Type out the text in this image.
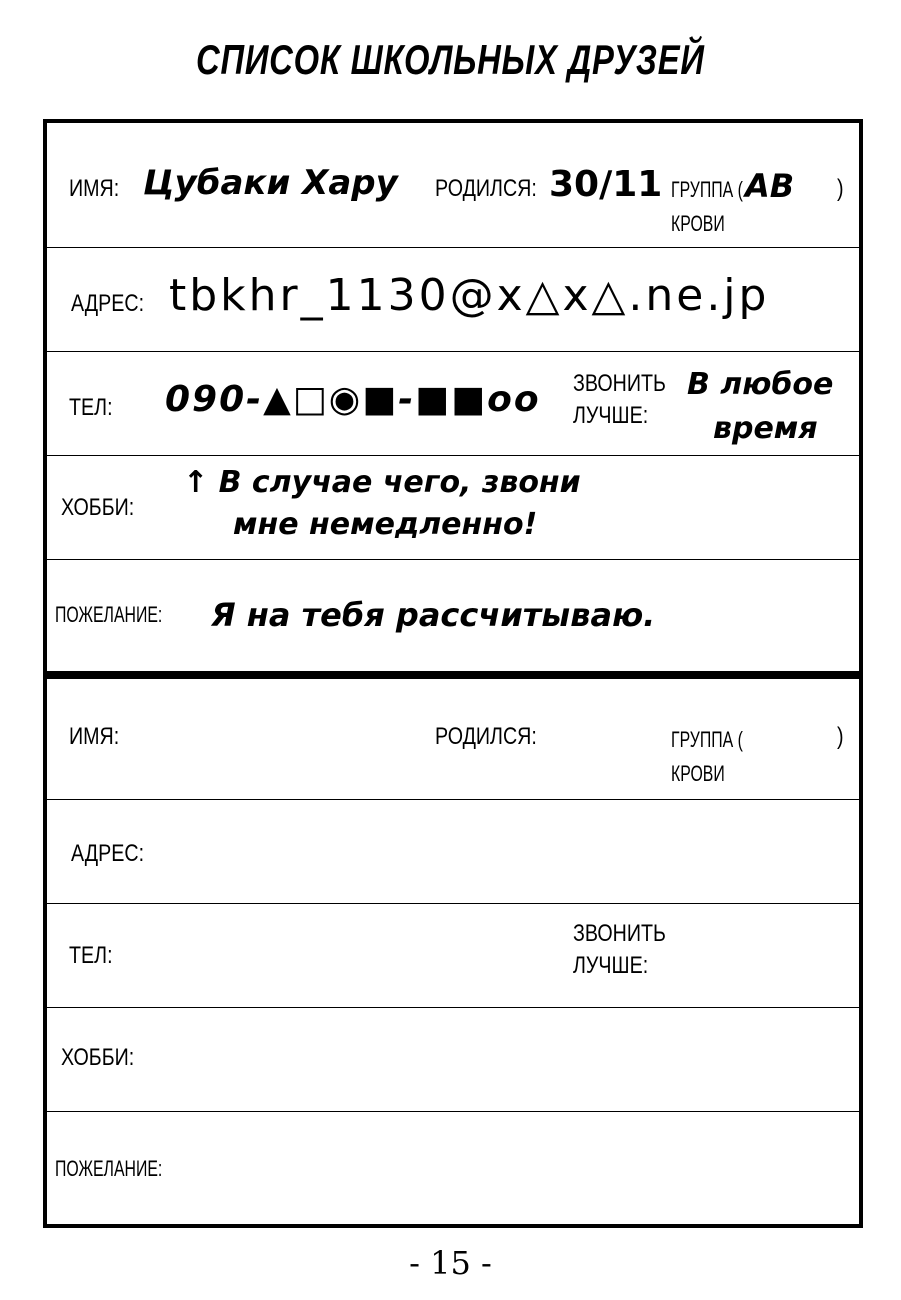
СПИСОК ШКОЛЬНЫХ ДРУЗЕЙ
ИМЯ: Цубаки Хару РОДИЛСЯ: 30/11 ГРУППА ( AB )
КРОВИ
АДРЕС: tbkhr_1130@x△x△.ne.jp
ТЕЛ: 090-▲□◉■-■■oo ЗВОНИТЬ
ЛУЧШЕ:
В любое
время
ХОББИ:
↑ В случае чего, звони
мне немедленно!
ПОЖЕЛАНИЕ: Я на тебя рассчитываю.
ИМЯ:	РОДИЛСЯ:	ГРУППА (	)
КРОВИ
АДРЕС:
ТЕЛ:
ЗВОНИТЬ
ЛУЧШЕ:
ХОББИ:
ПОЖЕЛАНИЕ:
- 15 -
